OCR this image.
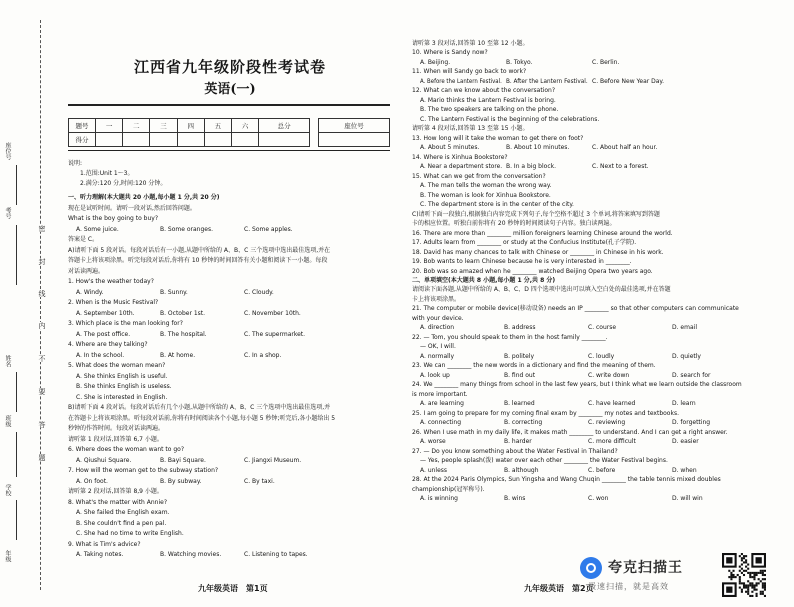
座位号
考号
姓名
班级
学校
年级
密
封
线
内
不
要
答
题
江西省九年级阶段性考试卷
英语(一)
题号	一	二	三	四	五	六	总分
得分							
座位号

说明:
1.范围:Unit 1～3。
2.满分:120 分,时间:120 分钟。
九年级英语　第1页	九年级英语　第2页
夸克扫描王
极速扫描，就是高效
一、听力理解(本大题共 20 小题,每小题 1 分,共 20 分)
现在是试听时间。请听一段对话,然后回答问题。
What is the boy going to buy?
A. Some juice.	B. Some oranges.	C. Some apples.
答案是 C。
A)请听下面 5 段对话。每段对话后有一小题,从题中所给的 A、B、C 三个选项中选出最佳选项,并在
答题卡上将该项涂黑。听完每段对话后,你将有 10 秒钟的时间回答有关小题和阅读下一小题。每段
对话读两遍。
1. How's the weather today?
A. Windy.	B. Sunny.	C. Cloudy.
2. When is the Music Festival?
A. September 10th.	B. October 1st.	C. November 10th.
3. Which place is the man looking for?
A. The post office.	B. The hospital.	C. The supermarket.
4. Where are they talking?
A. In the school.	B. At home.	C. In a shop.
5. What does the woman mean?
A. She thinks English is useful.
B. She thinks English is useless.
C. She is interested in English.
B)请听下面 4 段对话。每段对话后有几个小题,从题中所给的 A、B、C 三个选项中选出最佳选项,并
在答题卡上将该项涂黑。听每段对话前,你将有时间阅读各个小题,每小题 5 秒钟;听完后,各小题给出 5
秒钟的作答时间。每段对话读两遍。
请听第 1 段对话,回答第 6,7 小题。
6. Where does the woman want to go?
A. Qiushui Square.	B. Bayi Square.	C. Jiangxi Museum.
7. How will the woman get to the subway station?
A. On foot.	B. By subway.	C. By taxi.
请听第 2 段对话,回答第 8,9 小题。
8. What's the matter with Annie?
A. She failed the English exam.
B. She couldn't find a pen pal.
C. She had no time to write English.
9. What is Tim's advice?
A. Taking notes.	B. Watching movies.	C. Listening to tapes.
请听第 3 段对话,回答第 10 至第 12 小题。
10. Where is Sandy now?
A. Beijing.	B. Tokyo.	C. Berlin.
11. When will Sandy go back to work?
A. Before the Lantern Festival. B. After the Lantern Festival. C. Before New Year Day.
12. What can we know about the conversation?
A. Mario thinks the Lantern Festival is boring.
B. The two speakers are talking on the phone.
C. The Lantern Festival is the beginning of the celebrations.
请听第 4 段对话,回答第 13 至第 15 小题。
13. How long will it take the woman to get there on foot?
A. About 5 minutes.	B. About 10 minutes.	C. About half an hour.
14. Where is Xinhua Bookstore?
A. Near a department store. B. In a big block.	C. Next to a forest.
15. What can we get from the conversation?
A. The man tells the woman the wrong way.
B. The woman is look for Xinhua Bookstore.
C. The department store is in the center of the city.
C)请听下面一段独白,根据独白内容完成下列句子,每个空格不超过 3 个单词,将答案填写到答题
卡的相应位置。听独白前你将有 20 秒钟的时间阅读句子内容。独白读两遍。
16. There are more than ________ million foreigners learning Chinese around the world.
17. Adults learn from ________ or study at the Confucius Institute(孔子学院).
18. David has many chances to talk with Chinese or ________ in Chinese in his work.
19. Bob wants to learn Chinese because he is very interested in ________.
20. Bob was so amazed when he ________ watched Beijing Opera two years ago.
二、单项填空(本大题共 8 小题,每小题 1 分,共 8 分)
请阅读下面各题,从题中所给的 A、B、C、D 四个选项中选出可以填入空白处的最佳选项,并在答题
卡上将该项涂黑。
21. The computer or mobile device(移动设备) needs an IP ________ so that other computers can communicate
with your device.
A. direction	B. address	C. course	D. email
22. — Tom, you should speak to them in the host family ________.
— OK, I will.
A. normally	B. politely	C. loudly	D. quietly
23. We can ________ the new words in a dictionary and find the meaning of them.
A. look up	B. find out	C. write down	D. search for
24. We ________ many things from school in the last few years, but I think what we learn outside the classroom
is more important.
A. are learning	B. learned	C. have learned	D. learn
25. I am going to prepare for my coming final exam by ________ my notes and textbooks.
A. connecting	B. correcting	C. reviewing	D. forgetting
26. When I use math in my daily life, it makes math ________ to understand. And I can get a right answer.
A. worse	B. harder	C. more difficult	D. easier
27. — Do you know something about the Water Festival in Thailand?
— Yes, people splash(泼) water over each other ________ the Water Festival begins.
A. unless	B. although	C. before	D. when
28. At the 2024 Paris Olympics, Sun Yingsha and Wang Chuqin ________ the table tennis mixed doubles
championship(冠军称号).
A. is winning	B. wins	C. won	D. will win
